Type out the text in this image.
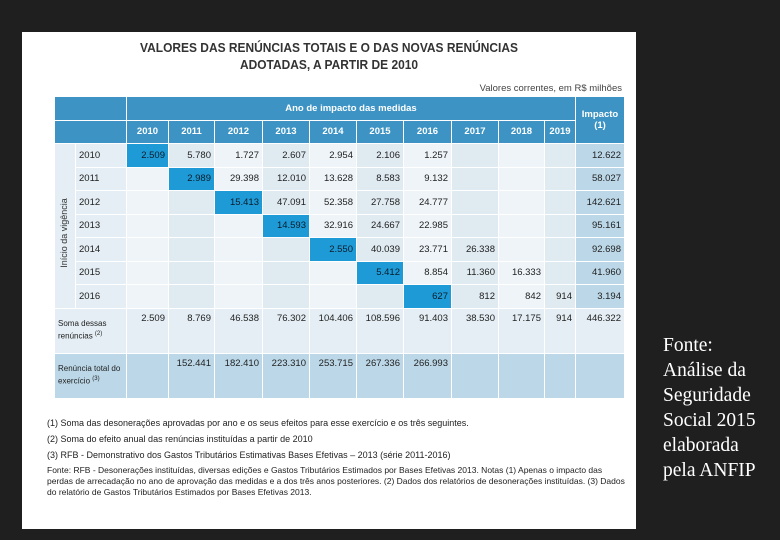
VALORES DAS RENÚNCIAS TOTAIS E O DAS NOVAS RENÚNCIAS
ADOTADAS, A PARTIR DE 2010
Valores correntes, em R$ milhões
		Ano de impacto das medidas										Impacto
(1)

		2010	2011	2012	2013	2014	2015	2016	2017	2018	2019	
	2010	2.509	5.780	1.727	2.607	2.954	2.106	1.257				12.622
	2011		2.989	29.398	12.010	13.628	8.583	9.132				58.027
	2012			15.413	47.091	52.358	27.758	24.777				142.621
	2013				14.593	32.916	24.667	22.985				95.161
	2014					2.550	40.039	23.771	26.338			92.698
	2015						5.412	8.854	11.360	16.333		41.960
	2016							627	812	842	914	3.194
Soma dessas renúncias $^{(2)}$		2.509	8.769	46.538	76.302	104.406	108.596	91.403	38.530	17.175	914	446.322
Renúncia total do exercício $^{(3)}$			152.441	182.410	223.310	253.715	267.336	266.993				
Início da vigência

(1) Soma das desonerações aprovadas por ano e os seus efeitos para esse exercício e os três seguintes.

(2) Soma do efeito anual das renúncias instituídas a partir de 2010

(3) RFB - Demonstrativo dos Gastos Tributários Estimativas Bases Efetivas – 2013 (série 2011-2016)

Fonte: RFB - Desonerações instituídas, diversas edições e Gastos Tributários Estimados por Bases Efetivas 2013. Notas (1) Apenas o impacto das perdas de arrecadação no ano de aprovação das medidas e a dos três anos posteriores. (2) Dados dos relatórios de desonerações instituídas. (3) Dados do relatório de Gastos Tributários Estimados por Bases Efetivas 2013.

Fonte:
Análise da
Seguridade
Social 2015
elaborada
pela ANFIP
